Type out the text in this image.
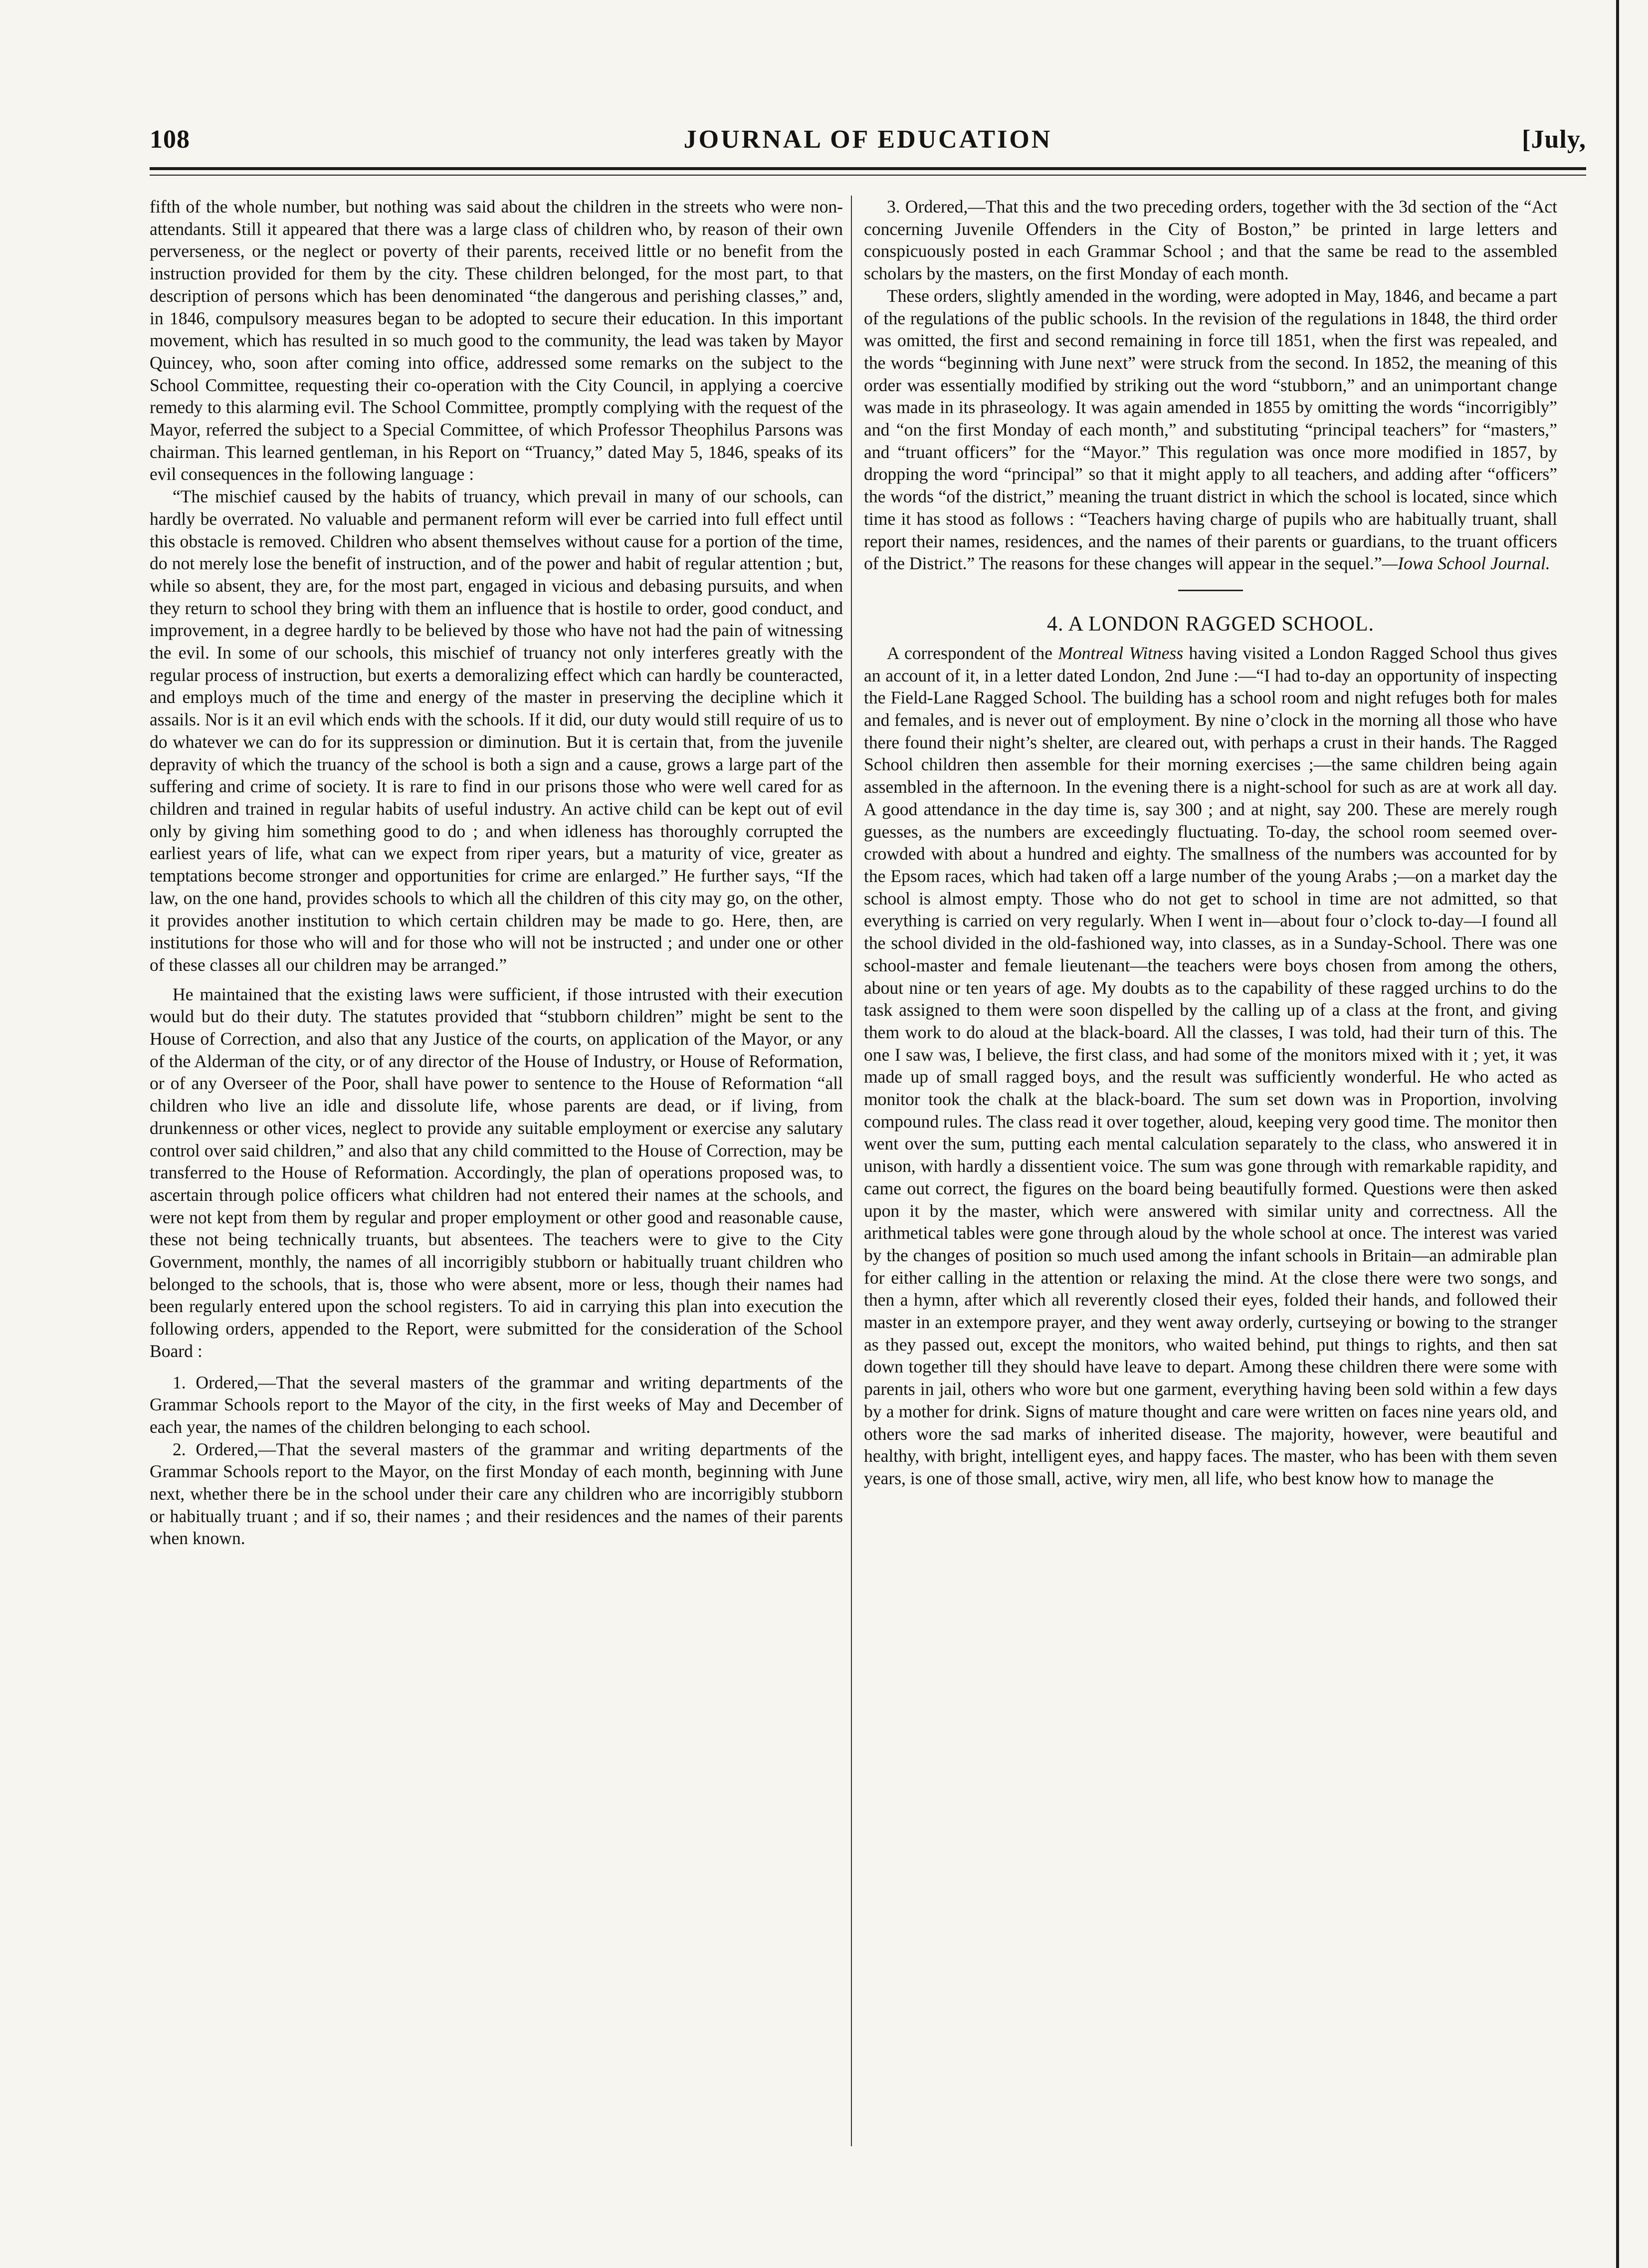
JOURNAL OF EDUCATION
108	[July,

fifth of the whole number, but nothing was said about the children in the streets who were non-attendants. Still it appeared that there was a large class of children who, by reason of their own perverseness, or the neglect or poverty of their parents, received little or no benefit from the instruction provided for them by the city. These children belonged, for the most part, to that description of persons which has been denominated “the dangerous and perishing classes,” and, in 1846, compulsory measures began to be adopted to secure their education. In this important movement, which has resulted in so much good to the community, the lead was taken by Mayor Quincey, who, soon after coming into office, addressed some remarks on the subject to the School Committee, requesting their co-operation with the City Council, in applying a coercive remedy to this alarming evil. The School Committee, promptly complying with the request of the Mayor, referred the subject to a Special Committee, of which Professor Theophilus Parsons was chairman. This learned gentleman, in his Report on “Truancy,” dated May 5, 1846, speaks of its evil consequences in the following language :

“The mischief caused by the habits of truancy, which prevail in many of our schools, can hardly be overrated. No valuable and permanent reform will ever be carried into full effect until this obstacle is removed. Children who absent themselves without cause for a portion of the time, do not merely lose the benefit of instruction, and of the power and habit of regular attention ; but, while so absent, they are, for the most part, engaged in vicious and debasing pursuits, and when they return to school they bring with them an influence that is hostile to order, good conduct, and improvement, in a degree hardly to be believed by those who have not had the pain of witnessing the evil. In some of our schools, this mischief of truancy not only interferes greatly with the regular process of instruction, but exerts a demoralizing effect which can hardly be counteracted, and employs much of the time and energy of the master in preserving the decipline which it assails. Nor is it an evil which ends with the schools. If it did, our duty would still require of us to do whatever we can do for its suppression or diminution. But it is certain that, from the juvenile depravity of which the truancy of the school is both a sign and a cause, grows a large part of the suffering and crime of society. It is rare to find in our prisons those who were well cared for as children and trained in regular habits of useful industry. An active child can be kept out of evil only by giving him something good to do ; and when idleness has thoroughly corrupted the earliest years of life, what can we expect from riper years, but a maturity of vice, greater as temptations become stronger and opportunities for crime are enlarged.” He further says, “If the law, on the one hand, provides schools to which all the children of this city may go, on the other, it provides another institution to which certain children may be made to go. Here, then, are institutions for those who will and for those who will not be instructed ; and under one or other of these classes all our children may be arranged.”

He maintained that the existing laws were sufficient, if those intrusted with their execution would but do their duty. The statutes provided that “stubborn children” might be sent to the House of Correction, and also that any Justice of the courts, on application of the Mayor, or any of the Alderman of the city, or of any director of the House of Industry, or House of Reformation, or of any Overseer of the Poor, shall have power to sentence to the House of Reformation “all children who live an idle and dissolute life, whose parents are dead, or if living, from drunkenness or other vices, neglect to provide any suitable employment or exercise any salutary control over said children,” and also that any child committed to the House of Correction, may be transferred to the House of Reformation. Accordingly, the plan of operations proposed was, to ascertain through police officers what children had not entered their names at the schools, and were not kept from them by regular and proper employment or other good and reasonable cause, these not being technically truants, but absentees. The teachers were to give to the City Government, monthly, the names of all incorrigibly stubborn or habitually truant children who belonged to the schools, that is, those who were absent, more or less, though their names had been regularly entered upon the school registers. To aid in carrying this plan into execution the following orders, appended to the Report, were submitted for the consideration of the School Board :

1. Ordered,—That the several masters of the grammar and writing departments of the Grammar Schools report to the Mayor of the city, in the first weeks of May and December of each year, the names of the children belonging to each school.

2. Ordered,—That the several masters of the grammar and writing departments of the Grammar Schools report to the Mayor, on the first Monday of each month, beginning with June next, whether there be in the school under their care any children who are incorrigibly stubborn or habitually truant ; and if so, their names ; and their residences and the names of their parents when known.

3. Ordered,—That this and the two preceding orders, together with the 3d section of the “Act concerning Juvenile Offenders in the City of Boston,” be printed in large letters and conspicuously posted in each Grammar School ; and that the same be read to the assembled scholars by the masters, on the first Monday of each month.

These orders, slightly amended in the wording, were adopted in May, 1846, and became a part of the regulations of the public schools. In the revision of the regulations in 1848, the third order was omitted, the first and second remaining in force till 1851, when the first was repealed, and the words “beginning with June next” were struck from the second. In 1852, the meaning of this order was essentially modified by striking out the word “stubborn,” and an unimportant change was made in its phraseology. It was again amended in 1855 by omitting the words “incorrigibly” and “on the first Monday of each month,” and substituting “principal teachers” for “masters,” and “truant officers” for the “Mayor.” This regulation was once more modified in 1857, by dropping the word “principal” so that it might apply to all teachers, and adding after “officers” the words “of the district,” meaning the truant district in which the school is located, since which time it has stood as follows : “Teachers having charge of pupils who are habitually truant, shall report their names, residences, and the names of their parents or guardians, to the truant officers of the District.” The reasons for these changes will appear in the sequel.”—Iowa School Journal.

4. A LONDON RAGGED SCHOOL.

A correspondent of the Montreal Witness having visited a London Ragged School thus gives an account of it, in a letter dated London, 2nd June :—“I had to-day an opportunity of inspecting the Field-Lane Ragged School. The building has a school room and night refuges both for males and females, and is never out of employment. By nine o’clock in the morning all those who have there found their night’s shelter, are cleared out, with perhaps a crust in their hands. The Ragged School children then assemble for their morning exercises ;—the same children being again assembled in the afternoon. In the evening there is a night-school for such as are at work all day. A good attendance in the day time is, say 300 ; and at night, say 200. These are merely rough guesses, as the numbers are exceedingly fluctuating. To-day, the school room seemed over-crowded with about a hundred and eighty. The smallness of the numbers was accounted for by the Epsom races, which had taken off a large number of the young Arabs ;—on a market day the school is almost empty. Those who do not get to school in time are not admitted, so that everything is carried on very regularly. When I went in—about four o’clock to-day—I found all the school divided in the old-fashioned way, into classes, as in a Sunday-School. There was one school-master and female lieutenant—the teachers were boys chosen from among the others, about nine or ten years of age. My doubts as to the capability of these ragged urchins to do the task assigned to them were soon dispelled by the calling up of a class at the front, and giving them work to do aloud at the black-board. All the classes, I was told, had their turn of this. The one I saw was, I believe, the first class, and had some of the monitors mixed with it ; yet, it was made up of small ragged boys, and the result was sufficiently wonderful. He who acted as monitor took the chalk at the black-board. The sum set down was in Proportion, involving compound rules. The class read it over together, aloud, keeping very good time. The monitor then went over the sum, putting each mental calculation separately to the class, who answered it in unison, with hardly a dissentient voice. The sum was gone through with remarkable rapidity, and came out correct, the figures on the board being beautifully formed. Questions were then asked upon it by the master, which were answered with similar unity and correctness. All the arithmetical tables were gone through aloud by the whole school at once. The interest was varied by the changes of position so much used among the infant schools in Britain—an admirable plan for either calling in the attention or relaxing the mind. At the close there were two songs, and then a hymn, after which all reverently closed their eyes, folded their hands, and followed their master in an extempore prayer, and they went away orderly, curtseying or bowing to the stranger as they passed out, except the monitors, who waited behind, put things to rights, and then sat down together till they should have leave to depart. Among these children there were some with parents in jail, others who wore but one garment, everything having been sold within a few days by a mother for drink. Signs of mature thought and care were written on faces nine years old, and others wore the sad marks of inherited disease. The majority, however, were beautiful and healthy, with bright, intelligent eyes, and happy faces. The master, who has been with them seven years, is one of those small, active, wiry men, all life, who best know how to manage the
